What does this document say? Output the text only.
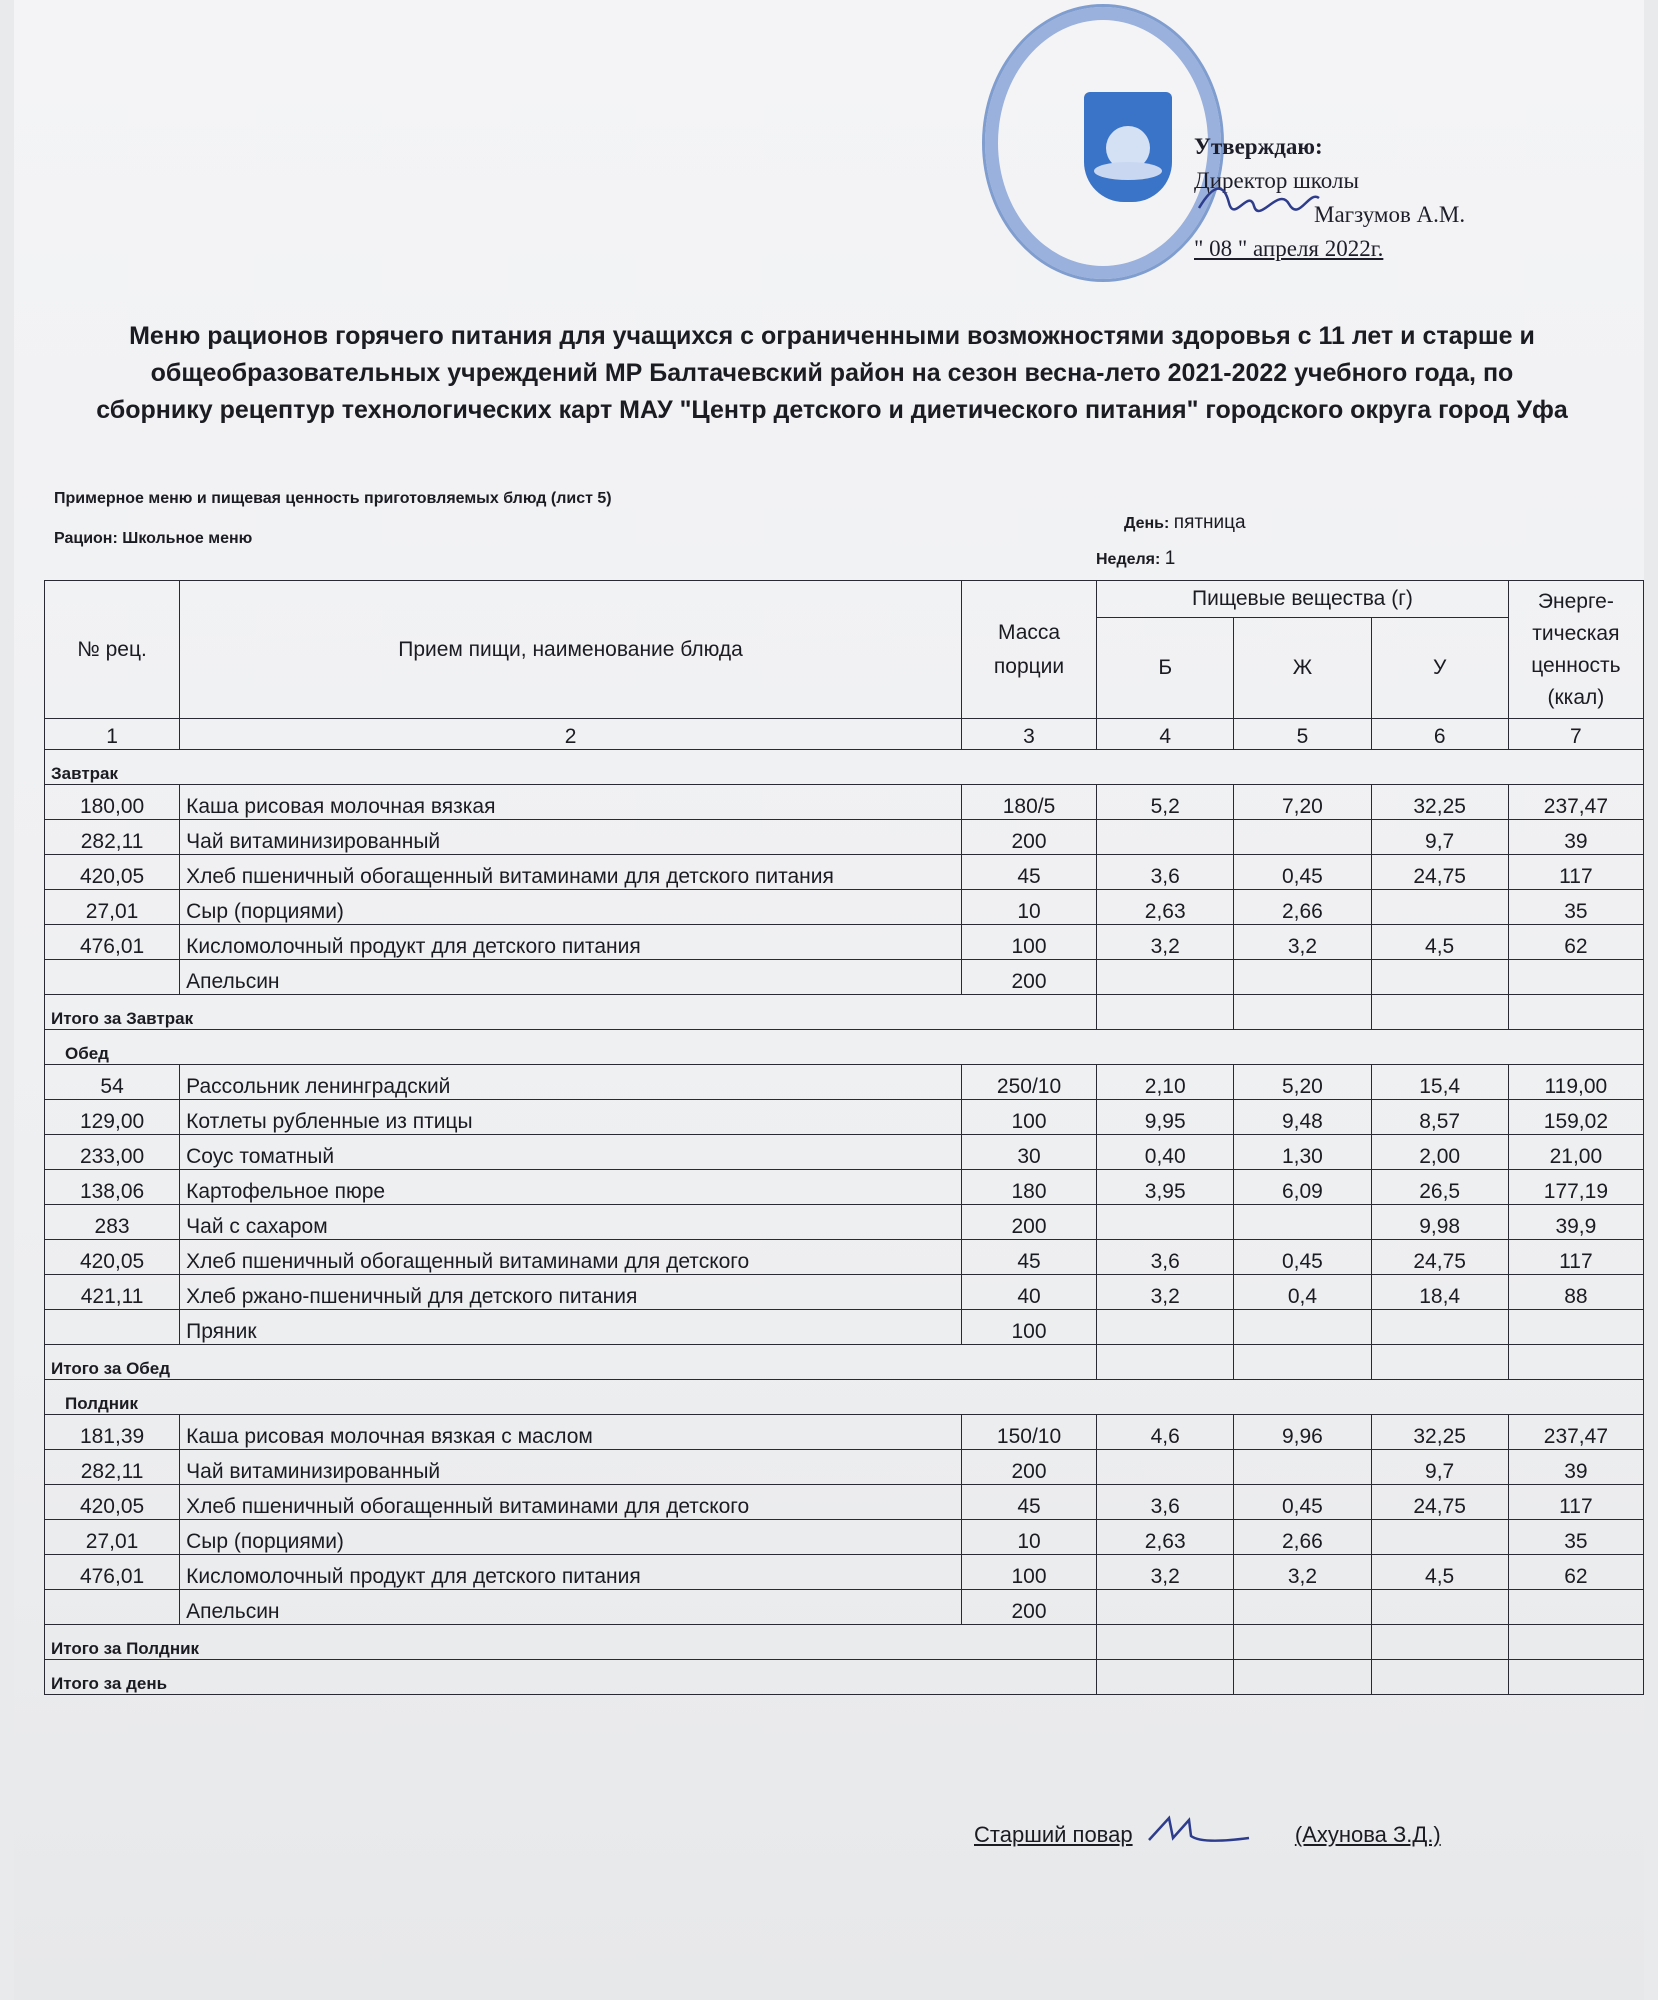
Утверждаю:
Директор школы
Магзумов А.М.
" 08 " апреля 2022г.
Меню рационов горячего питания для учащихся с ограниченными возможностями здоровья с 11 лет и старше и общеобразовательных учреждений МР Балтачевский район на сезон весна-лето 2021-2022 учебного года, по сборнику рецептур технологических карт МАУ "Центр детского и диетического питания" городского округа город Уфа
Примерное меню и пищевая ценность приготовляемых блюд (лист 5)
Рацион: Школьное меню
День: пятница
Неделя: 1
№ рец.	Прием пищи, наименование блюда	Масса порции	Пищевые вещества (г)			Энерге-тическая ценность (ккал)
			Б	Ж	У	
1	2	3	4	5	6	7
Завтрак						
180,00	Каша рисовая молочная вязкая	180/5	5,2	7,20	32,25	237,47
282,11	Чай витаминизированный	200			9,7	39
420,05	Хлеб пшеничный обогащенный витаминами для детского питания	45	3,6	0,45	24,75	117
27,01	Сыр (порциями)	10	2,63	2,66		35
476,01	Кисломолочный продукт для детского питания	100	3,2	3,2	4,5	62
	Апельсин	200				
Итого за Завтрак						
Обед						
54	Рассольник ленинградский	250/10	2,10	5,20	15,4	119,00
129,00	Котлеты рубленные из птицы	100	9,95	9,48	8,57	159,02
233,00	Соус томатный	30	0,40	1,30	2,00	21,00
138,06	Картофельное пюре	180	3,95	6,09	26,5	177,19
283	Чай с сахаром	200			9,98	39,9
420,05	Хлеб пшеничный обогащенный витаминами для детского	45	3,6	0,45	24,75	117
421,11	Хлеб ржано-пшеничный для детского питания	40	3,2	0,4	18,4	88
	Пряник	100				
Итого за Обед						
Полдник						
181,39	Каша рисовая молочная вязкая с маслом	150/10	4,6	9,96	32,25	237,47
282,11	Чай витаминизированный	200			9,7	39
420,05	Хлеб пшеничный обогащенный витаминами для детского	45	3,6	0,45	24,75	117
27,01	Сыр (порциями)	10	2,63	2,66		35
476,01	Кисломолочный продукт для детского питания	100	3,2	3,2	4,5	62
	Апельсин	200				
Итого за Полдник						
Итого за день						
Старший повар	(Ахунова З.Д.)
